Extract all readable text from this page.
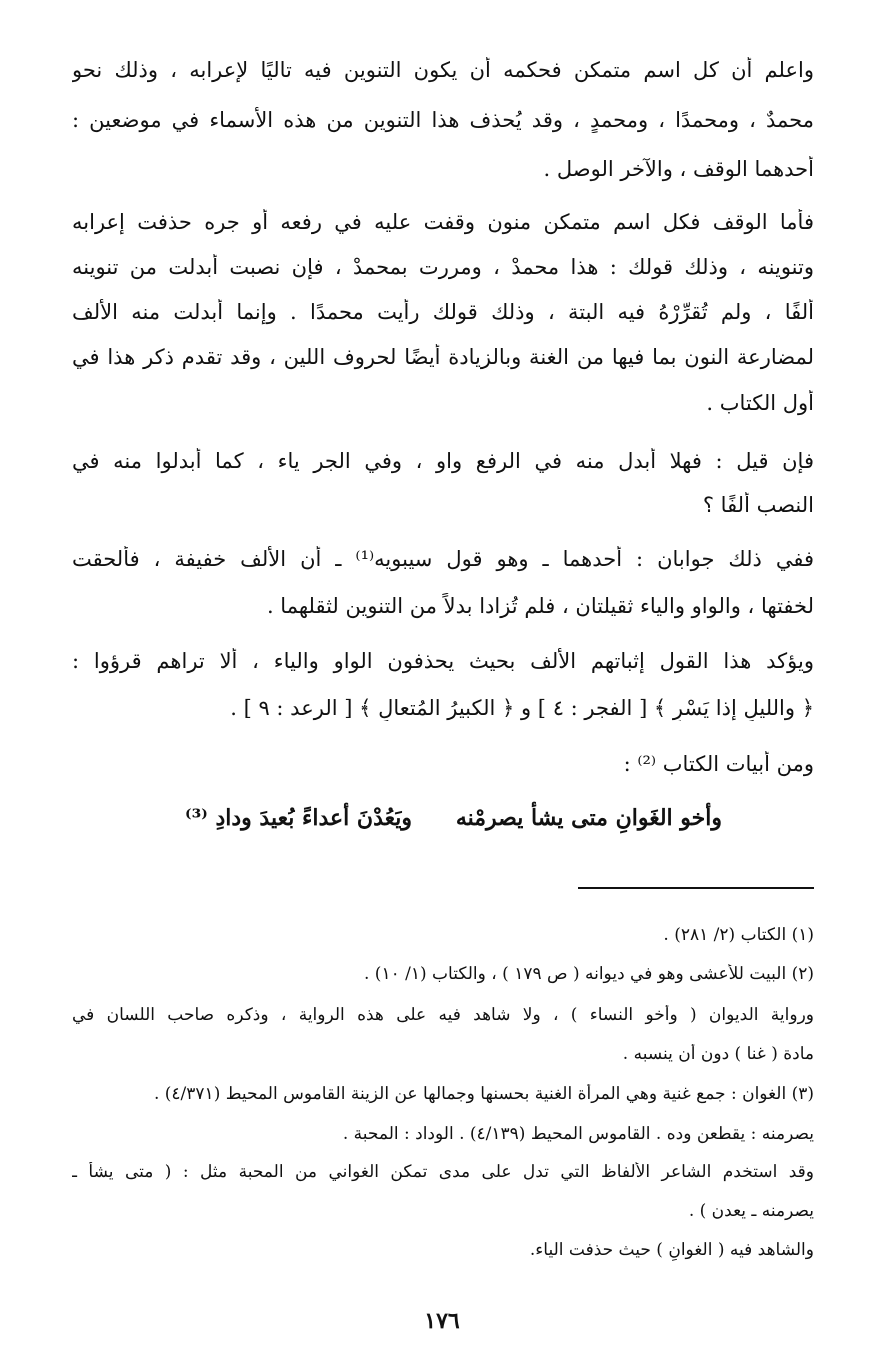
واعلم أن كل اسم متمكن فحكمه أن يكون التنوين فيه تاليًا لإعرابه ، وذلك نحو
محمدٌ ، ومحمدًا ، ومحمدٍ ، وقد يُحذف هذا التنوين من هذه الأسماء في موضعين :
أحدهما الوقف ، والآخر الوصل .
فأما الوقف فكل اسم متمكن منون وقفت عليه في رفعه أو جره حذفت إعرابه
وتنوينه ، وذلك قولك : هذا محمدْ ، ومررت بمحمدْ ، فإن نصبت أبدلت من تنوينه
ألفًا ، ولم تُقرِّرْهُ فيه البتة ، وذلك قولك رأيت محمدًا . وإنما أبدلت منه الألف
لمضارعة النون بما فيها من الغنة وبالزيادة أيضًا لحروف اللين ، وقد تقدم ذكر هذا في
أول الكتاب .
فإن قيل : فهلا أُبدل منه في الرفع واو ، وفي الجر ياء ، كما أبدلوا منه في
النصب ألفًا ؟
ففي ذلك جوابان : أحدهما ـ وهو قول سيبويه⁽¹⁾ ـ أن الألف خفيفة ، فألحقت
لخفتها ، والواو والياء ثقيلتان ، فلم تُزادا بدلاً من التنوين لثقلهما .
ويؤكد هذا القول إثباتهم الألف بحيث يحذفون الواو والياء ، ألا تراهم قرؤوا :
﴿ والليلِ إذا يَسْرِ ﴾ [ الفجر : ٤ ] و ﴿ الكبيرُ المُتعالِ ﴾ [ الرعد : ٩ ] .
ومن أبيات الكتاب ⁽²⁾ :
وأخو الغَوانِ متى يشأ يصرمْنه
ويَعُدْنَ أعداءً بُعيدَ ودادِ ⁽³⁾
(١) الكتاب (٢/ ٢٨١) .
(٢) البيت للأعشى وهو في ديوانه ( ص ١٧٩ ) ، والكتاب (١/ ١٠) .
ورواية الديوان ( وأخو النساء ) ، ولا شاهد فيه على هذه الرواية ، وذكره صاحب اللسان في
مادة ( غنا ) دون أن ينسبه .
(٣) الغوان : جمع غنية وهي المرأة الغنية بحسنها وجمالها عن الزينة القاموس المحيط (٤/٣٧١) .
يصرمنه : يقطعن وده . القاموس المحيط (٤/١٣٩) . الوداد : المحبة .
وقد استخدم الشاعر الألفاظ التي تدل على مدى تمكن الغواني من المحبة مثل : ( متى يشأ ـ
يصرمنه ـ يعدن ) .
والشاهد فيه ( الغوانِ ) حيث حذفت الياء.
١٧٦
